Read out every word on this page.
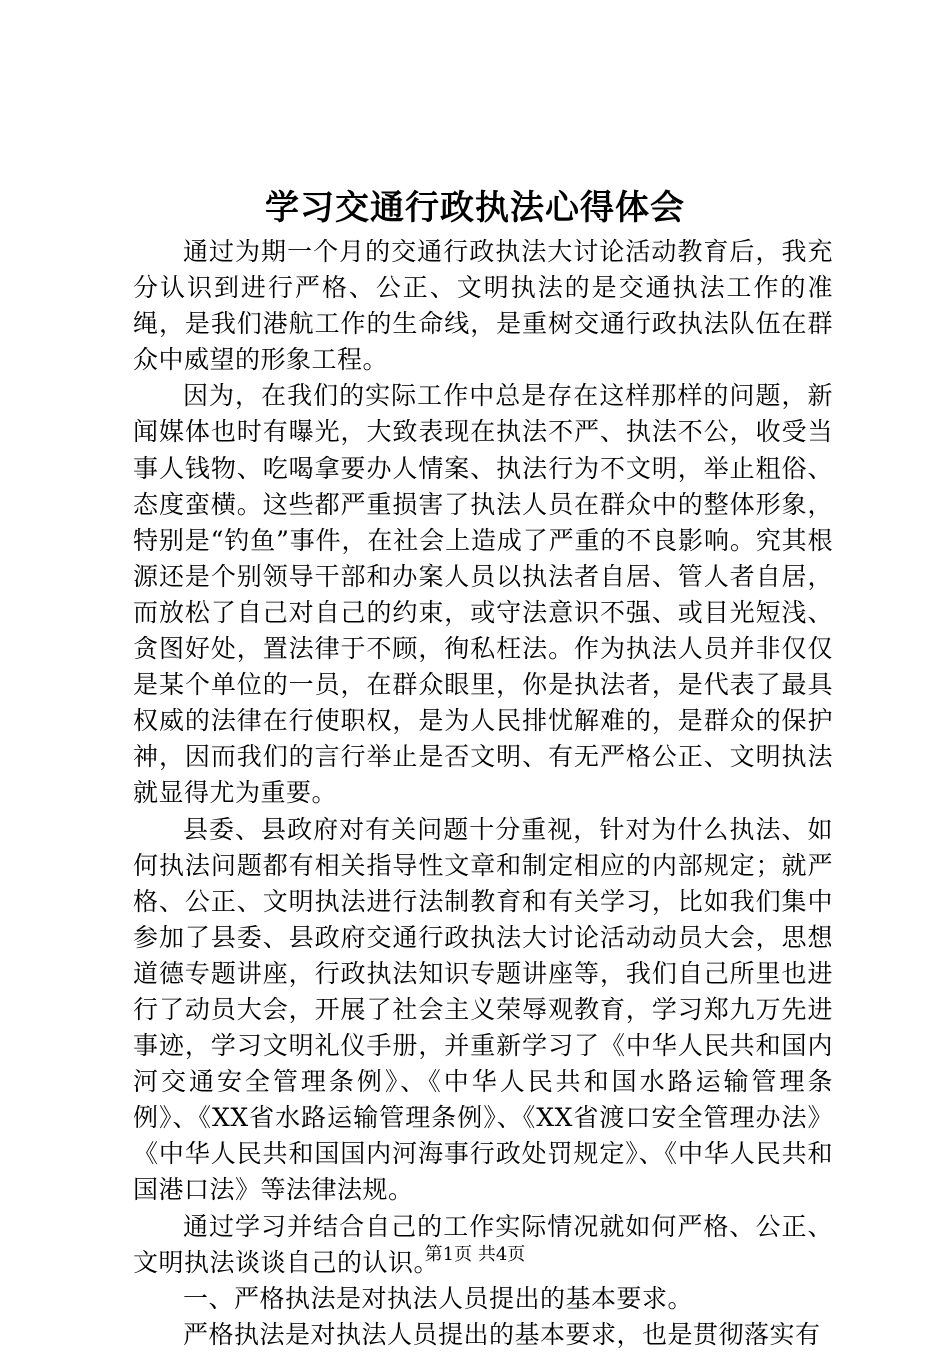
学习交通行政执法心得体会

通过为期一个月的交通行政执法大讨论活动教育后，我充分认识到进行严格、公正、文明执法的是交通执法工作的准绳，是我们港航工作的生命线，是重树交通行政执法队伍在群众中威望的形象工程。

因为，在我们的实际工作中总是存在这样那样的问题，新闻媒体也时有曝光，大致表现在执法不严、执法不公，收受当事人钱物、吃喝拿要办人情案、执法行为不文明，举止粗俗、态度蛮横。这些都严重损害了执法人员在群众中的整体形象，特别是“钓鱼”事件，在社会上造成了严重的不良影响。究其根源还是个别领导干部和办案人员以执法者自居、管人者自居，而放松了自己对自己的约束，或守法意识不强、或目光短浅、贪图好处，置法律于不顾，徇私枉法。作为执法人员并非仅仅是某个单位的一员，在群众眼里，你是执法者，是代表了最具权威的法律在行使职权，是为人民排忧解难的，是群众的保护神，因而我们的言行举止是否文明、有无严格公正、文明执法就显得尤为重要。

县委、县政府对有关问题十分重视，针对为什么执法、如何执法问题都有相关指导性文章和制定相应的内部规定；就严格、公正、文明执法进行法制教育和有关学习，比如我们集中参加了县委、县政府交通行政执法大讨论活动动员大会，思想道德专题讲座，行政执法知识专题讲座等，我们自己所里也进行了动员大会，开展了社会主义荣辱观教育，学习郑九万先进事迹，学习文明礼仪手册，并重新学习了《中华人民共和国内河交通安全管理条例》、《中华人民共和国水路运输管理条例》、《XX省水路运输管理条例》、《XX省渡口安全管理办法》《中华人民共和国国内河海事行政处罚规定》、《中华人民共和国港口法》等法律法规。

通过学习并结合自己的工作实际情况就如何严格、公正、文明执法谈谈自己的认识。

一、严格执法是对执法人员提出的基本要求。

严格执法是对执法人员提出的基本要求，也是贯彻落实有

第1页 共4页
